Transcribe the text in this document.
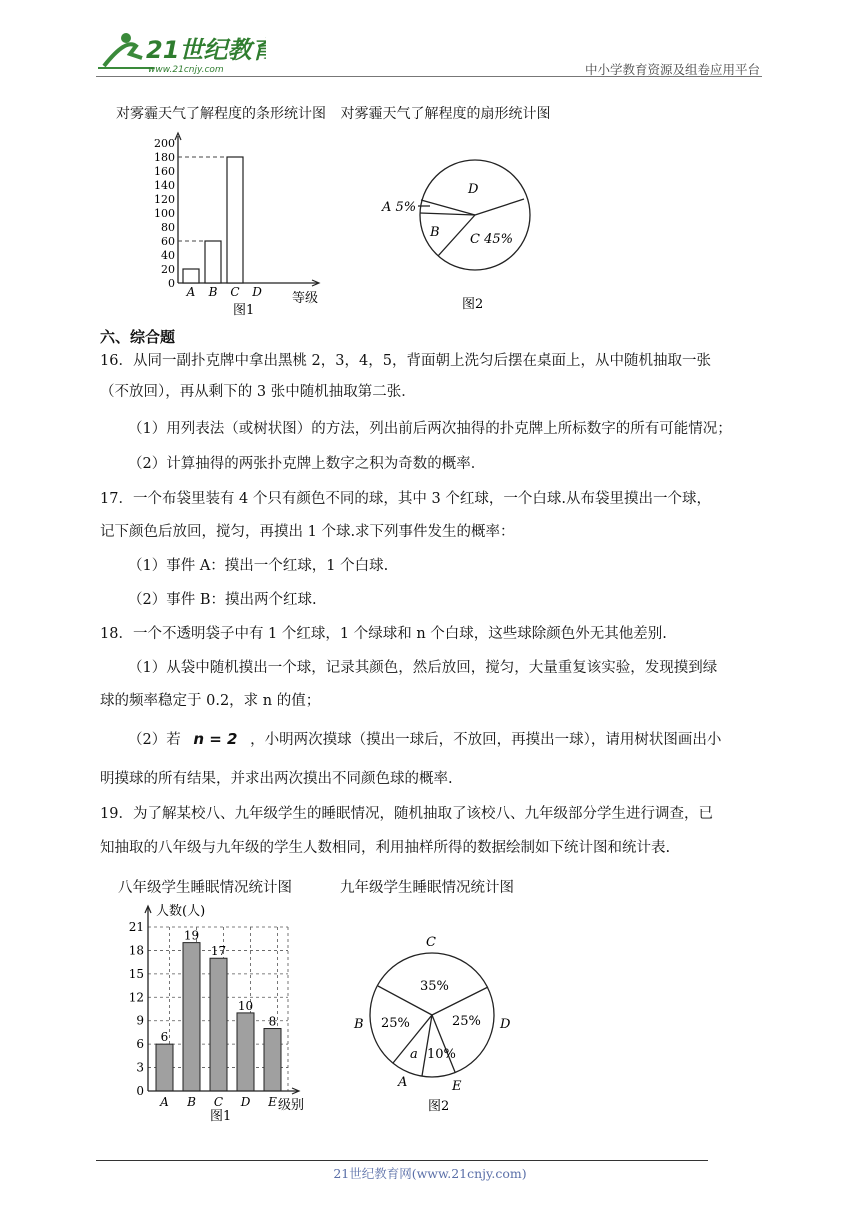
21世纪教育
www.21cnjy.com	中小学教育资源及组卷应用平台
对雾霾天气了解程度的条形统计图 对雾霾天气了解程度的扇形统计图
0
20
40
60
80
100
120
140
160
180
200
A B C D 等级
图1
A 5%
B C 45%
D
图2
六、综合题
16．从同一副扑克牌中拿出黑桃 2，3，4，5，背面朝上洗匀后摆在桌面上，从中随机抽取一张
（不放回），再从剩下的 3 张中随机抽取第二张．
（1）用列表法（或树状图）的方法，列出前后两次抽得的扑克牌上所标数字的所有可能情况；
（2）计算抽得的两张扑克牌上数字之积为奇数的概率．
17．一个布袋里装有 4 个只有颜色不同的球，其中 3 个红球，一个白球.从布袋里摸出一个球，
记下颜色后放回，搅匀，再摸出 1 个球.求下列事件发生的概率：
（1）事件 A：摸出一个红球，1 个白球.
（2）事件 B：摸出两个红球.
18．一个不透明袋子中有 1 个红球，1 个绿球和 n 个白球，这些球除颜色外无其他差别.
（1）从袋中随机摸出一个球，记录其颜色，然后放回，搅匀，大量重复该实验，发现摸到绿
球的频率稳定于 0.2，求 n 的值；
（2）若 n = 2 ，小明两次摸球（摸出一球后，不放回，再摸出一球），请用树状图画出小
明摸球的所有结果，并求出两次摸出不同颜色球的概率.
19．为了解某校八、九年级学生的睡眠情况，随机抽取了该校八、九年级部分学生进行调查，已
知抽取的八年级与九年级的学生人数相同，利用抽样所得的数据绘制如下统计图和统计表.
八年级学生睡眠情况统计图	九年级学生睡眠情况统计图
0
3
6
9
12
15
18
21
6
A
19
B
17
C
10
D
8
E
人数(人)
级别
图1
35%
25%	25%
10%
a
A
B
C
D
E
图2
21世纪教育网(www.21cnjy.com)
